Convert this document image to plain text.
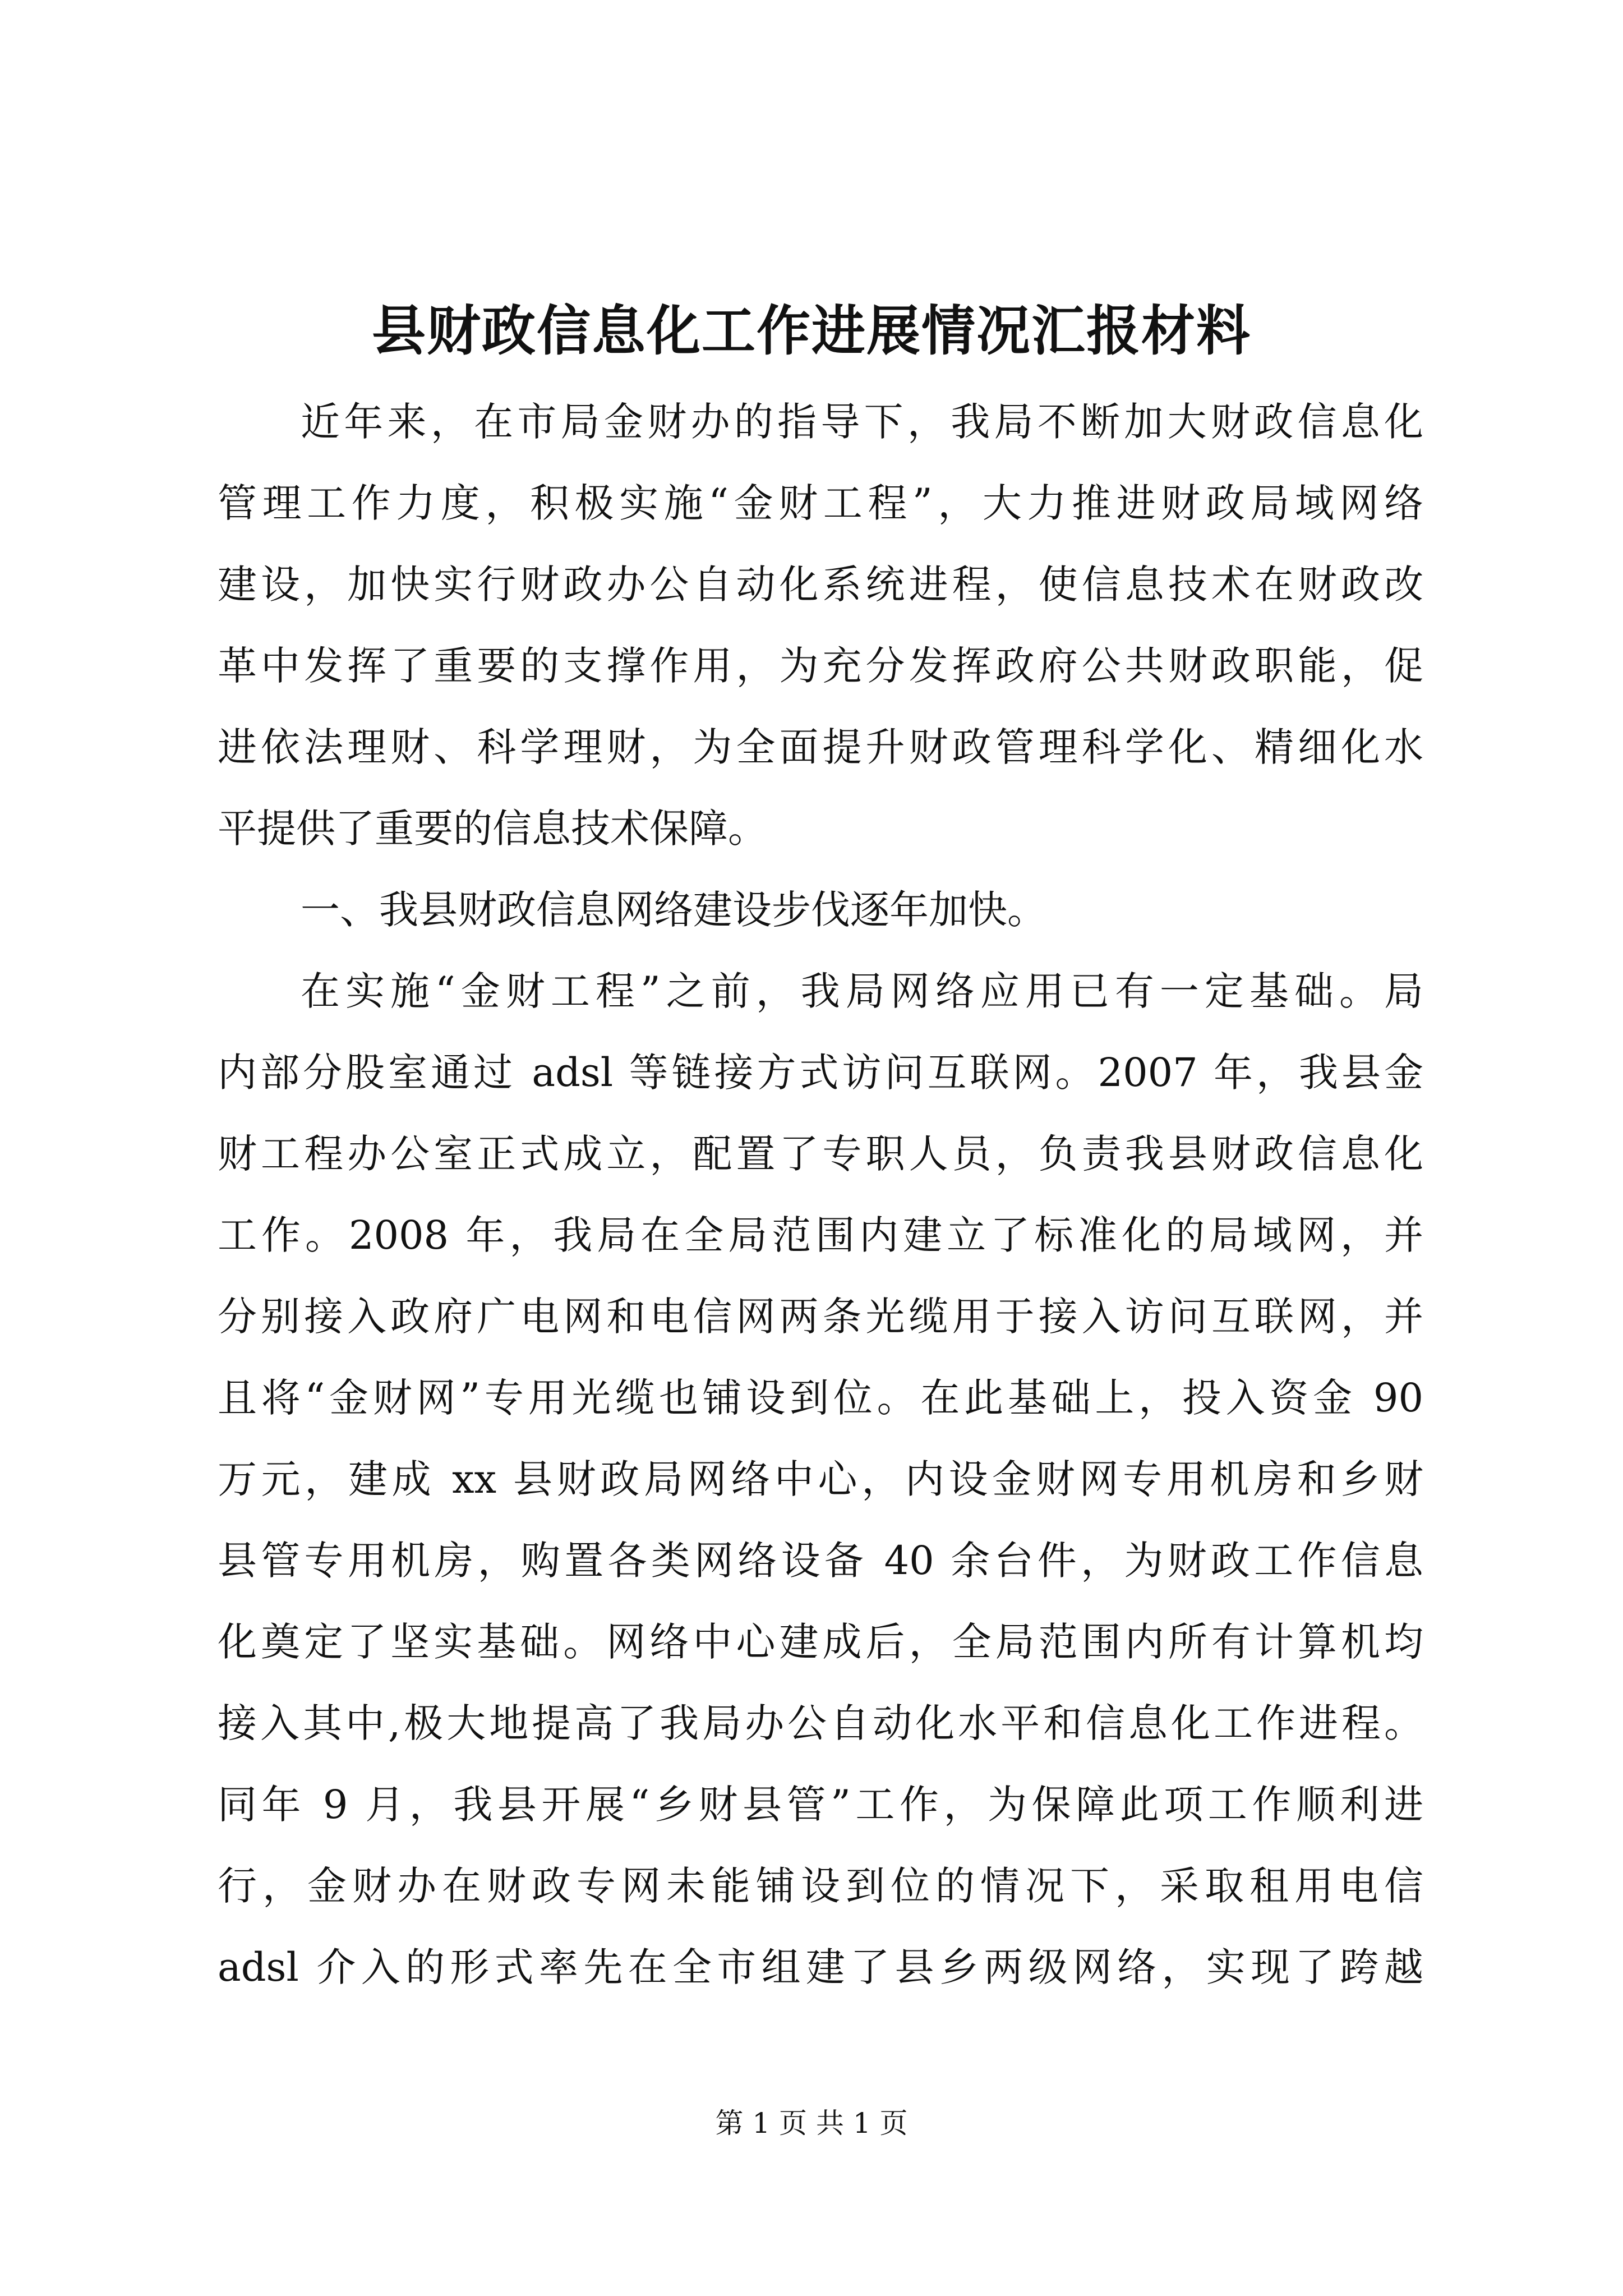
县财政信息化工作进展情况汇报材料
近年来，在市局金财办的指导下，我局不断加大财政信息化
管理工作力度，积极实施“金财工程”，大力推进财政局域网络
建设，加快实行财政办公自动化系统进程，使信息技术在财政改
革中发挥了重要的支撑作用，为充分发挥政府公共财政职能，促
进依法理财、科学理财，为全面提升财政管理科学化、精细化水
平提供了重要的信息技术保障。
一、我县财政信息网络建设步伐逐年加快。
在实施“金财工程”之前，我局网络应用已有一定基础。局
内部分股室通过 adsl 等链接方式访问互联网。2007 年，我县金
财工程办公室正式成立，配置了专职人员，负责我县财政信息化
工作。2008 年，我局在全局范围内建立了标准化的局域网，并
分别接入政府广电网和电信网两条光缆用于接入访问互联网，并
且将“金财网”专用光缆也铺设到位。在此基础上，投入资金 90
万元，建成 xx 县财政局网络中心，内设金财网专用机房和乡财
县管专用机房，购置各类网络设备 40 余台件，为财政工作信息
化奠定了坚实基础。网络中心建成后，全局范围内所有计算机均
接入其中,极大地提高了我局办公自动化水平和信息化工作进程。
同年 9 月，我县开展“乡财县管”工作，为保障此项工作顺利进
行，金财办在财政专网未能铺设到位的情况下，采取租用电信
adsl 介入的形式率先在全市组建了县乡两级网络，实现了跨越
第 1 页 共 1 页
